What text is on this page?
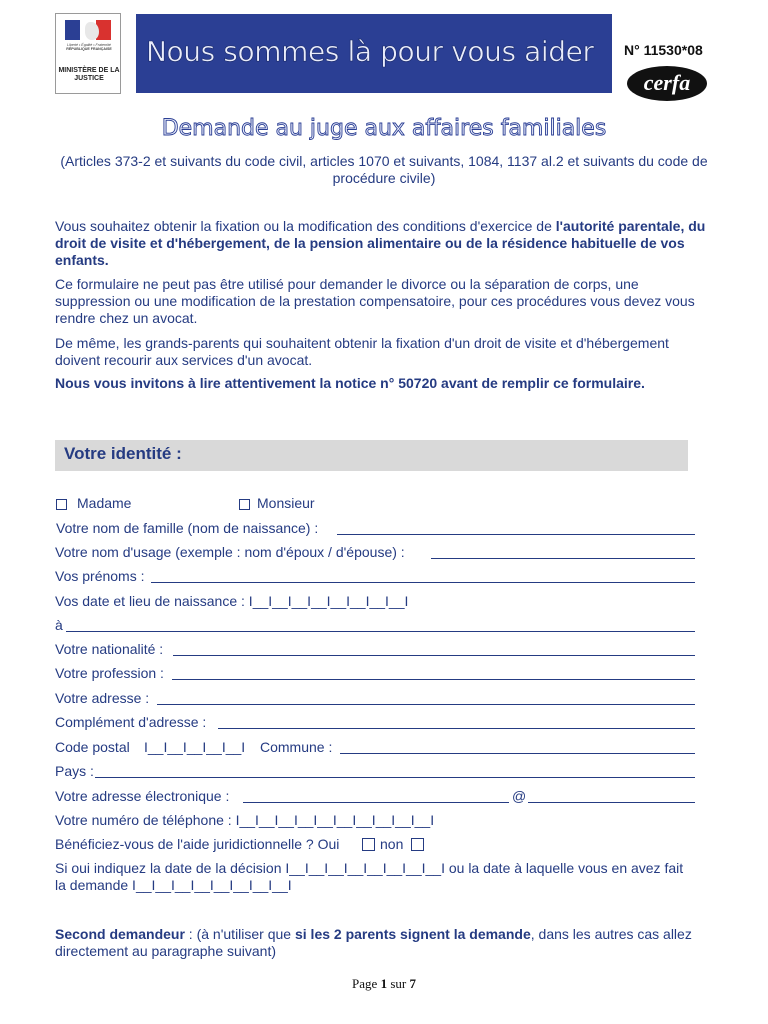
Liberté • Égalité • Fraternité
RÉPUBLIQUE FRANÇAISE
MINISTÈRE DE LA JUSTICE
Nous sommes là pour vous aider N° 11530*08
cerfa
Demande au juge aux affaires familiales
(Articles 373-2 et suivants du code civil, articles 1070 et suivants, 1084, 1137 al.2 et suivants du code de procédure civile)
Vous souhaitez obtenir la fixation ou la modification des conditions d'exercice de l'autorité parentale, du droit de visite et d'hébergement, de la pension alimentaire ou de la résidence habituelle de vos enfants.
Ce formulaire ne peut pas être utilisé pour demander le divorce ou la séparation de corps, une suppression ou une modification de la prestation compensatoire, pour ces procédures vous devez vous rendre chez un avocat.
De même, les grands-parents qui souhaitent obtenir la fixation d'un droit de visite et d'hébergement doivent recourir aux services d'un avocat.
Nous vous invitons à lire attentivement la notice n° 50720 avant de remplir ce formulaire.
Votre identité :
Madame	Monsieur
Votre nom de famille (nom de naissance) :
Votre nom d'usage (exemple : nom d'époux / d'épouse) :
Vos prénoms :
Vos date et lieu de naissance : I__I__I__I__I__I__I__I__I
à
Votre nationalité :
Votre profession :
Votre adresse :
Complément d'adresse :
Code postal I__I__I__I__I__I Commune :
Pays :
Votre adresse électronique :	@
Votre numéro de téléphone : I__I__I__I__I__I__I__I__I__I__I
Bénéficiez-vous de l'aide juridictionnelle ? Oui	non
Si oui indiquez la date de la décision I__I__I__I__I__I__I__I__I ou la date à laquelle vous en avez fait
la demande I__I__I__I__I__I__I__I__I
Second demandeur : (à n'utiliser que si les 2 parents signent la demande, dans les autres cas allez directement au paragraphe suivant)
Page 1 sur 7
